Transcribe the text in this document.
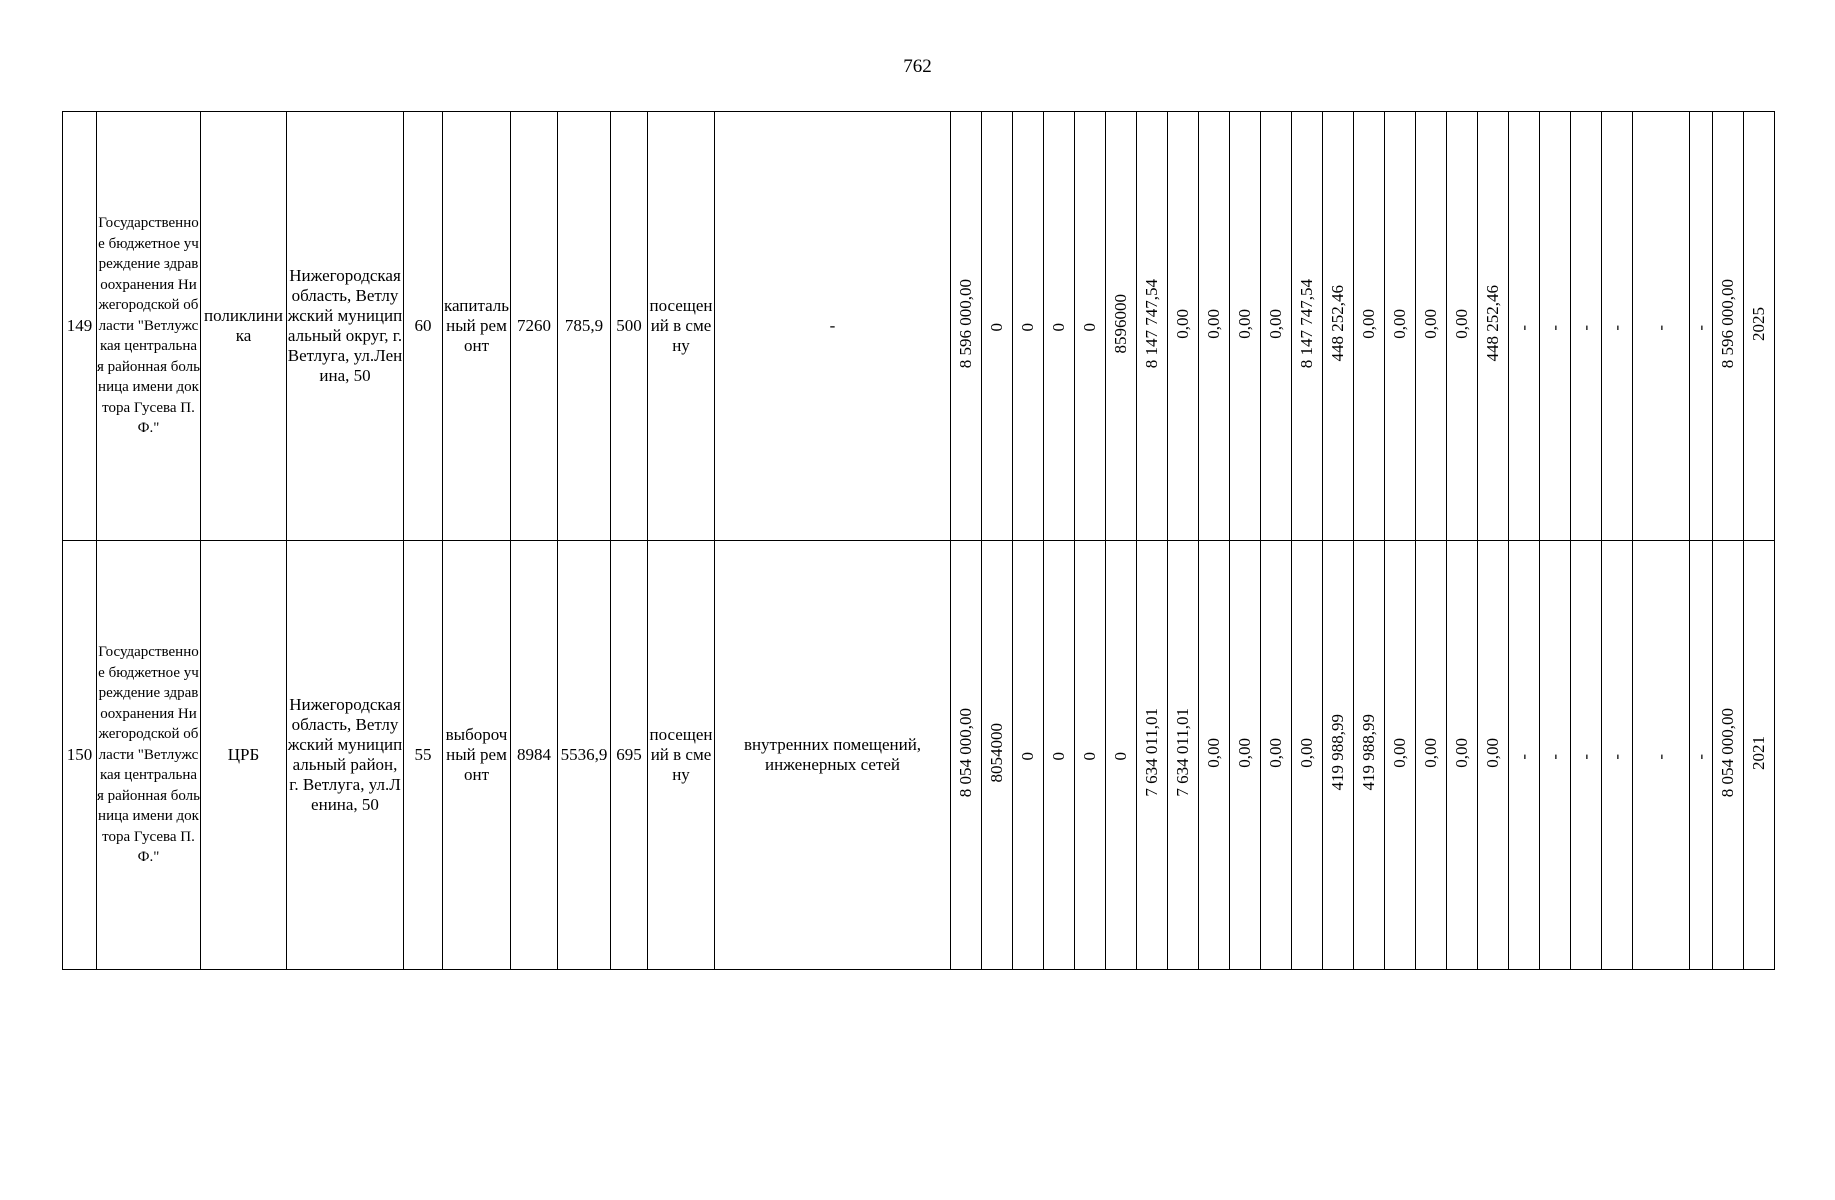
762
149	Государственное бюджетное учреждение здравоохранения Нижегородской области "Ветлужская центральная районная больница имени доктора Гусева П.Ф."	поликлиника	Нижегородская область, Ветлужский муниципальный округ, г. Ветлуга, ул.Ленина, 50	60	капитальный ремонт	7260	785,9	500	посещений в смену	-	8 596 000,00	0	0	0	0	8596000	8 147 747,54	0,00	0,00	0,00	0,00	8 147 747,54	448 252,46	0,00	0,00	0,00	0,00	448 252,46	-	-	-	-	-	-	8 596 000,00	2025
150	Государственное бюджетное учреждение здравоохранения Нижегородской области "Ветлужская центральная районная больница имени доктора Гусева П.Ф."	ЦРБ	Нижегородская область, Ветлужский муниципальный район, г. Ветлуга, ул.Ленина, 50	55	выборочный ремонт	8984	5536,9	695	посещений в смену	внутренних помещений, инженерных сетей	8 054 000,00	8054000	0	0	0	0	7 634 011,01	7 634 011,01	0,00	0,00	0,00	0,00	419 988,99	419 988,99	0,00	0,00	0,00	0,00	-	-	-	-	-	-	8 054 000,00	2021
